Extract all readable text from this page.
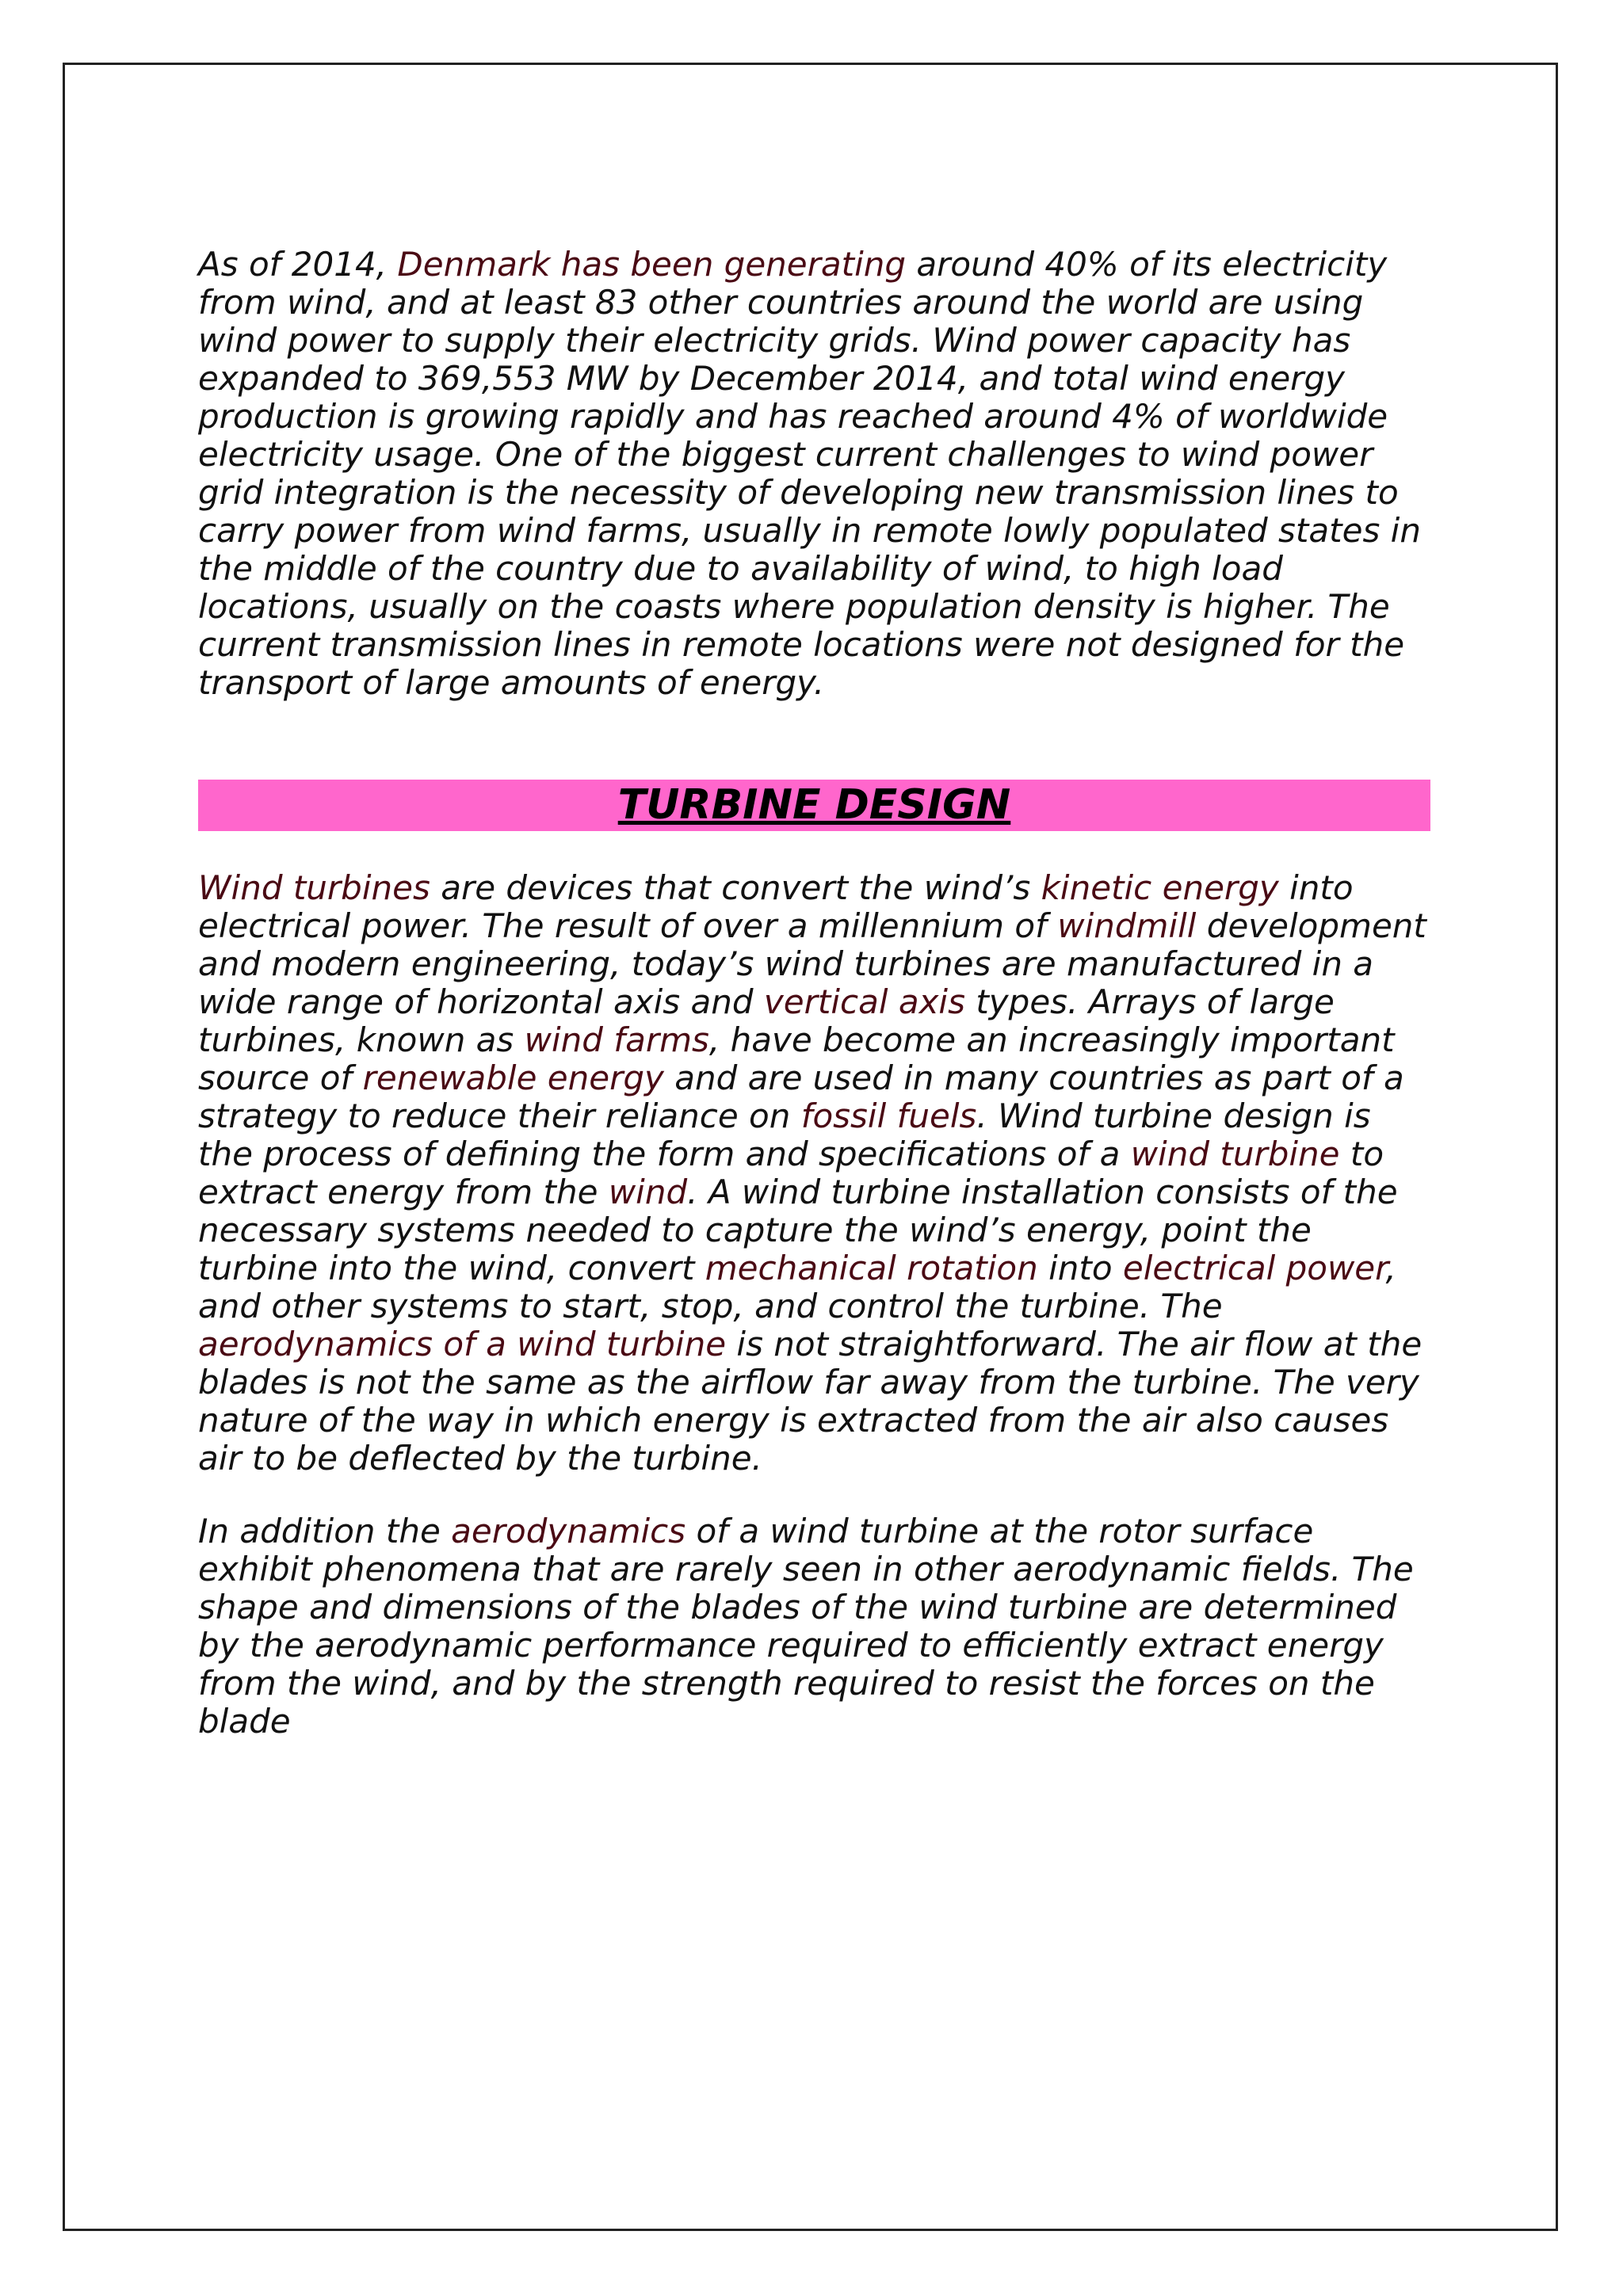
As of 2014, Denmark has been generating around 40% of its electricity from wind, and at least 83 other countries around the world are using wind power to supply their electricity grids. Wind power capacity has expanded to 369,553 MW by December 2014, and total wind energy production is growing rapidly and has reached around 4% of worldwide electricity usage. One of the biggest current challenges to wind power grid integration is the necessity of developing new transmission lines to carry power from wind farms, usually in remote lowly populated states in the middle of the country due to availability of wind, to high load locations, usually on the coasts where population density is higher. The current transmission lines in remote locations were not designed for the transport of large amounts of energy.

TURBINE DESIGN

Wind turbines are devices that convert the wind’s kinetic energy into electrical power. The result of over a millennium of windmill development and modern engineering, today’s wind turbines are manufactured in a wide range of horizontal axis and vertical axis types. Arrays of large turbines, known as wind farms, have become an increasingly important source of renewable energy and are used in many countries as part of a strategy to reduce their reliance on fossil fuels. Wind turbine design is the process of defining the form and specifications of a wind turbine to extract energy from the wind. A wind turbine installation consists of the necessary systems needed to capture the wind’s energy, point the turbine into the wind, convert mechanical rotation into electrical power, and other systems to start, stop, and control the turbine. The aerodynamics of a wind turbine is not straightforward. The air flow at the blades is not the same as the airflow far away from the turbine. The very nature of the way in which energy is extracted from the air also causes air to be deflected by the turbine.

In addition the aerodynamics of a wind turbine at the rotor surface exhibit phenomena that are rarely seen in other aerodynamic fields. The shape and dimensions of the blades of the wind turbine are determined by the aerodynamic performance required to efficiently extract energy from the wind, and by the strength required to resist the forces on the blade
